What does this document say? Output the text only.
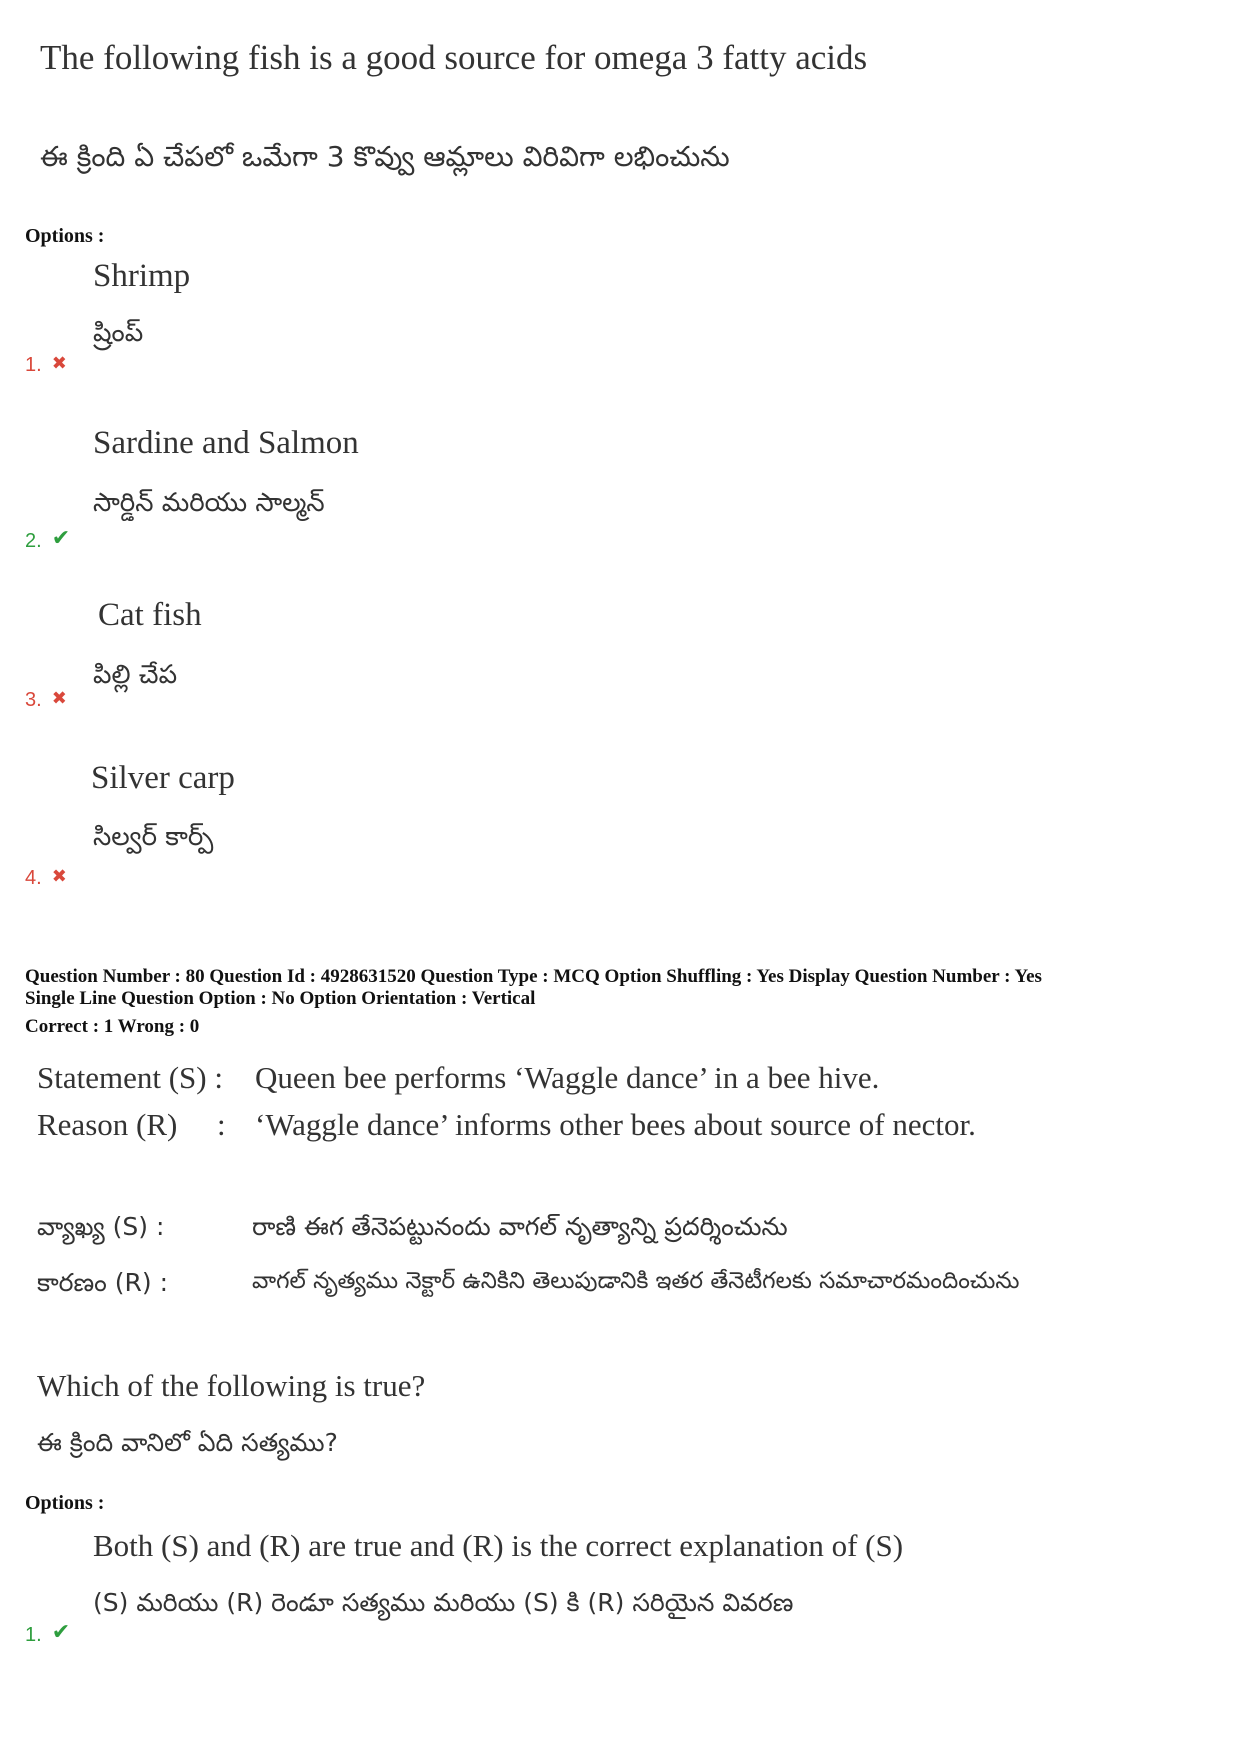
The following fish is a good source for omega 3 fatty acids
ఈ క్రింది ఏ చేపలో ఒమేగా 3 కొవ్వు ఆమ్లాలు విరివిగా లభించును
Options :
Shrimp
ష్రింప్
1. ✖
Sardine and Salmon
సార్డిన్ మరియు సాల్మన్
2. ✔
Cat fish
పిల్లి చేప
3. ✖
Silver carp
సిల్వర్ కార్ప్
4. ✖
Question Number : 80 Question Id : 4928631520 Question Type : MCQ Option Shuffling : Yes Display Question Number : Yes
Single Line Question Option : No Option Orientation : Vertical
Correct : 1 Wrong : 0
Statement (S) : Queen bee performs ‘Waggle dance’ in a bee hive.
Reason (R) : ‘Waggle dance’ informs other bees about source of nector.
వ్యాఖ్య (S) :	రాణి ఈగ తేనెపట్టునందు వాగల్ నృత్యాన్ని ప్రదర్శించును
కారణం (R) :	వాగల్ నృత్యము నెక్టార్ ఉనికిని తెలుపుడానికి ఇతర తేనెటీగలకు సమాచారమందించును
Which of the following is true?
ఈ క్రింది వానిలో ఏది సత్యము?
Options :
Both (S) and (R) are true and (R) is the correct explanation of (S)
(S) మరియు (R) రెండూ సత్యము మరియు (S) కి (R) సరియైన వివరణ
1. ✔
